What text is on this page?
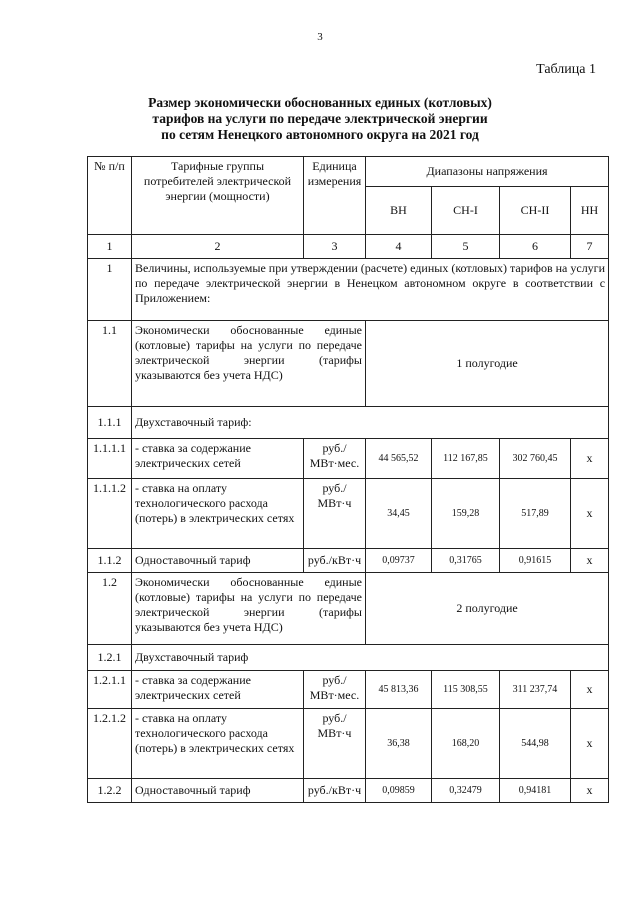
3
Таблица 1
Размер экономически обоснованных единых (котловых)
тарифов на услуги по передаче электрической энергии
по сетям Ненецкого автономного округа на 2021 год
№ п/п	Тарифные группы потребителей электрической энергии (мощности)	Единица измерения	Диапазоны напряжения			
			ВН	СН-I	СН-II	НН
1	2	3	4	5	6	7
1	Величины, используемые при утверждении (расчете) единых (котловых) тарифов на услуги по передаче электрической энергии в Ненецком автономном округе в соответствии с Приложением:					
1.1	Экономически обоснованные единые (котловые) тарифы на услуги по передаче электрической энергии (тарифы указываются без учета НДС)		1 полугодие			
1.1.1	Двухставочный тариф:					
1.1.1.1	- ставка за содержание электрических сетей	руб./ МВт·мес.	44 565,52	112 167,85	302 760,45	х
1.1.1.2	- ставка на оплату технологического расхода (потерь) в электрических сетях	руб./ МВт·ч	34,45	159,28	517,89	х
1.1.2	Одноставочный тариф	руб./кВт·ч	0,09737	0,31765	0,91615	х
1.2	Экономически обоснованные единые (котловые) тарифы на услуги по передаче электрической энергии (тарифы указываются без учета НДС)		2 полугодие			
1.2.1	Двухставочный тариф					
1.2.1.1	- ставка за содержание электрических сетей	руб./ МВт·мес.	45 813,36	115 308,55	311 237,74	х
1.2.1.2	- ставка на оплату технологического расхода (потерь) в электрических сетях	руб./ МВт·ч	36,38	168,20	544,98	х
1.2.2	Одноставочный тариф	руб./кВт·ч	0,09859	0,32479	0,94181	х
